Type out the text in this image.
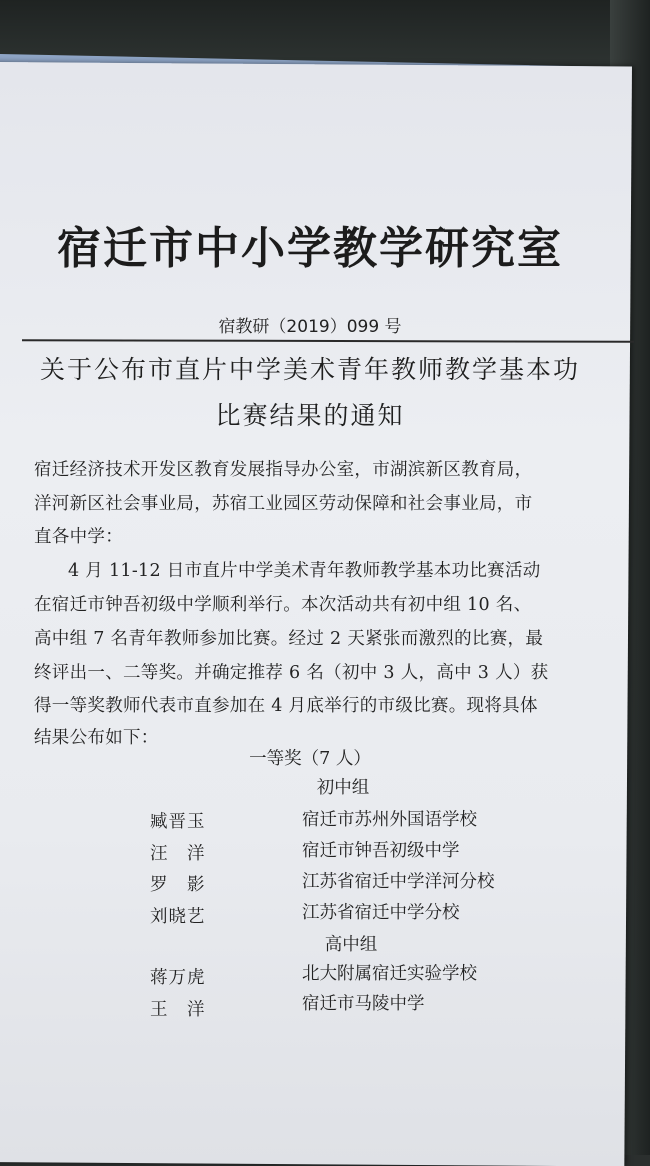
宿迁市中小学教学研究室
宿教研（2019）099 号
关于公布市直片中学美术青年教师教学基本功
比赛结果的通知
宿迁经济技术开发区教育发展指导办公室，市湖滨新区教育局，
洋河新区社会事业局，苏宿工业园区劳动保障和社会事业局，市
直各中学：
4 月 11-12 日市直片中学美术青年教师教学基本功比赛活动
在宿迁市钟吾初级中学顺利举行。本次活动共有初中组 10 名、
高中组 7 名青年教师参加比赛。经过 2 天紧张而激烈的比赛，最
终评出一、二等奖。并确定推荐 6 名（初中 3 人，高中 3 人）获
得一等奖教师代表市直参加在 4 月底举行的市级比赛。现将具体
结果公布如下：
一等奖（7 人）
初中组
臧晋玉	宿迁市苏州外国语学校
汪　洋	宿迁市钟吾初级中学
罗　影	江苏省宿迁中学洋河分校
刘晓艺	江苏省宿迁中学分校
高中组
蒋万虎	北大附属宿迁实验学校
王　洋	宿迁市马陵中学
